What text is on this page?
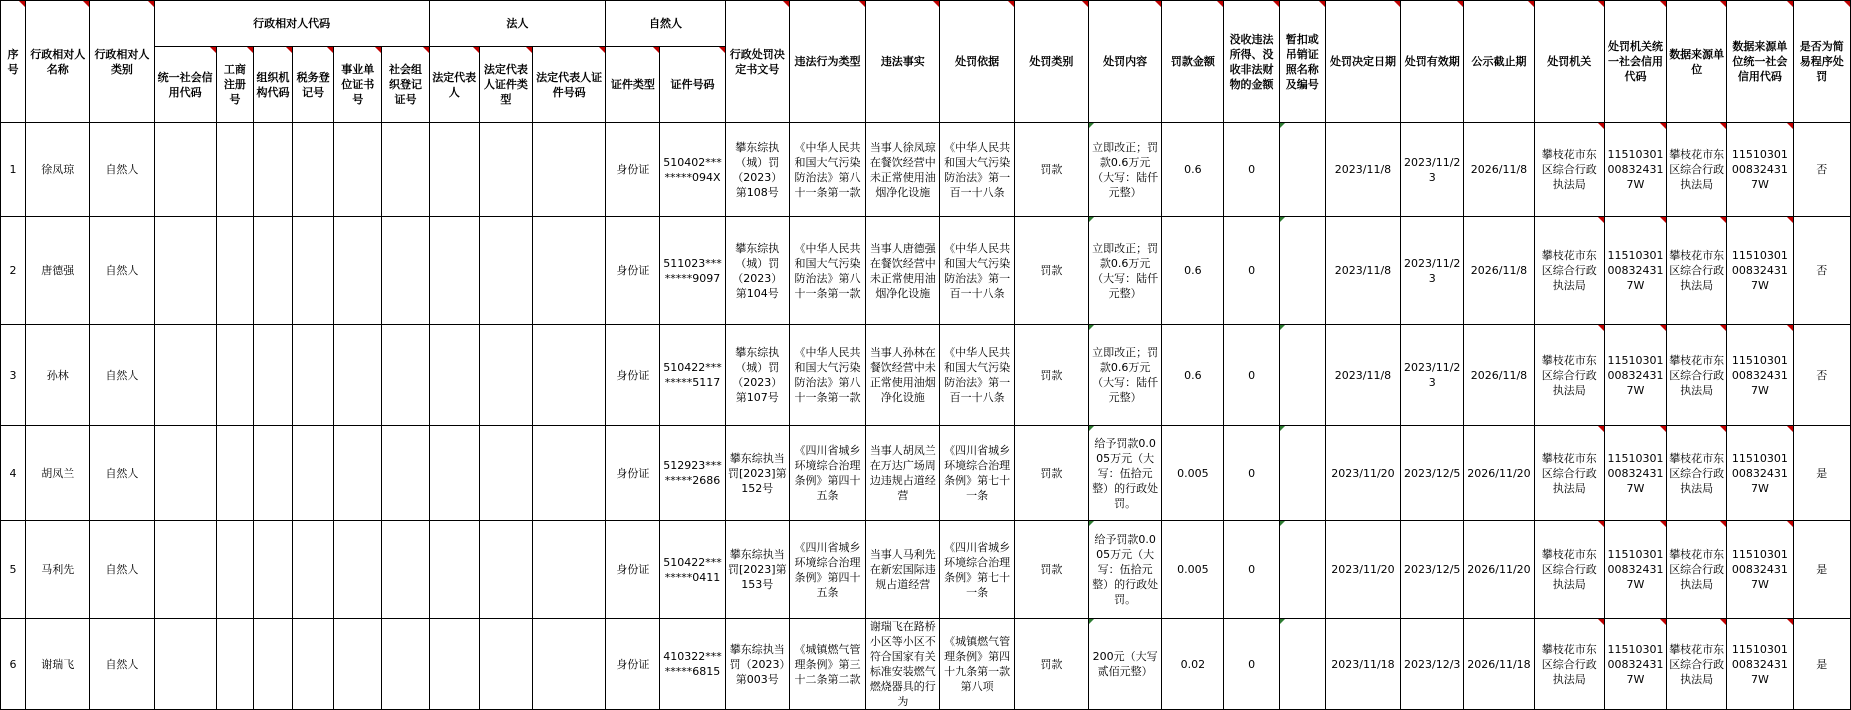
序号	行政相对人名称	行政相对人类别	行政相对人代码						法人			自然人		行政处罚决定书文号	违法行为类型	违法事实	处罚依据	处罚类别	处罚内容	罚款金额	没收违法所得、没收非法财物的金额	暂扣或吊销证照名称及编号	处罚决定日期	处罚有效期	公示截止期	处罚机关	处罚机关统一社会信用代码	数据来源单位	数据来源单位统一社会信用代码	是否为简易程序处罚
			统一社会信用代码	工商注册号	组织机构代码	税务登记号	事业单位证书号	社会组织登记证号	法定代表人	法定代表人证件类型	法定代表人证件号码	证件类型	证件号码																	
1	徐凤琼	自然人										身份证	510402********094X	攀东综执（城）罚（2023）第108号	《中华人民共和国大气污染防治法》第八十一条第一款	当事人徐凤琼在餐饮经营中未正常使用油烟净化设施	《中华人民共和国大气污染防治法》第一百一十八条	罚款	立即改正；罚款0.6万元（大写：陆仟元整）	0.6	0		2023/11/8	2023/11/23	2026/11/8	攀枝花市东区综合行政执法局	11510301008324317W	攀枝花市东区综合行政执法局	11510301008324317W	否
2	唐德强	自然人										身份证	511023********9097	攀东综执（城）罚（2023）第104号	《中华人民共和国大气污染防治法》第八十一条第一款	当事人唐德强在餐饮经营中未正常使用油烟净化设施	《中华人民共和国大气污染防治法》第一百一十八条	罚款	立即改正；罚款0.6万元（大写：陆仟元整）	0.6	0		2023/11/8	2023/11/23	2026/11/8	攀枝花市东区综合行政执法局	11510301008324317W	攀枝花市东区综合行政执法局	11510301008324317W	否
3	孙林	自然人										身份证	510422********5117	攀东综执（城）罚（2023）第107号	《中华人民共和国大气污染防治法》第八十一条第一款	当事人孙林在餐饮经营中未正常使用油烟净化设施	《中华人民共和国大气污染防治法》第一百一十八条	罚款	立即改正；罚款0.6万元（大写：陆仟元整）	0.6	0		2023/11/8	2023/11/23	2026/11/8	攀枝花市东区综合行政执法局	11510301008324317W	攀枝花市东区综合行政执法局	11510301008324317W	否
4	胡凤兰	自然人										身份证	512923********2686	攀东综执当罚[2023]第152号	《四川省城乡环境综合治理条例》第四十五条	当事人胡凤兰在万达广场周边违规占道经营	《四川省城乡环境综合治理条例》第七十一条	罚款	给予罚款0.005万元（大写：伍拾元整）的行政处罚。	0.005	0		2023/11/20	2023/12/5	2026/11/20	攀枝花市东区综合行政执法局	11510301008324317W	攀枝花市东区综合行政执法局	11510301008324317W	是
5	马利先	自然人										身份证	510422********0411	攀东综执当罚[2023]第153号	《四川省城乡环境综合治理条例》第四十五条	当事人马利先在新宏国际违规占道经营	《四川省城乡环境综合治理条例》第七十一条	罚款	给予罚款0.005万元（大写：伍拾元整）的行政处罚。	0.005	0		2023/11/20	2023/12/5	2026/11/20	攀枝花市东区综合行政执法局	11510301008324317W	攀枝花市东区综合行政执法局	11510301008324317W	是
6	谢瑞飞	自然人										身份证	410322********6815	攀东综执当罚（2023）第003号	《城镇燃气管理条例》第三十二条第二款	谢瑞飞在路桥小区等小区不符合国家有关标准安装燃气燃烧器具的行为	《城镇燃气管理条例》第四十九条第一款第八项	罚款	200元（大写贰佰元整）	0.02	0		2023/11/18	2023/12/3	2026/11/18	攀枝花市东区综合行政执法局	11510301008324317W	攀枝花市东区综合行政执法局	11510301008324317W	是
